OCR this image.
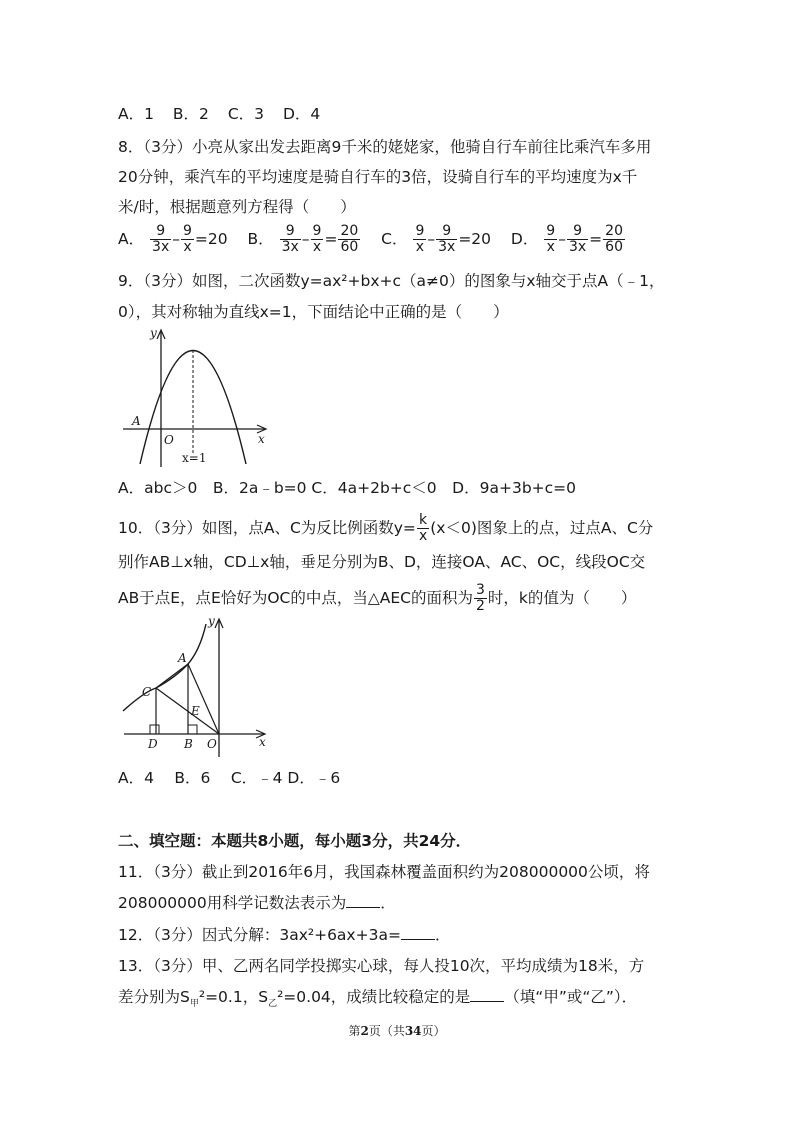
A．1 B．2 C．3 D．4
8．（3分）小亮从家出发去距离9千米的姥姥家，他骑自行车前往比乘汽车多用
20分钟，乘汽车的平均速度是骑自行车的3倍，设骑自行车的平均速度为x千
米/时，根据题意列方程得（　　）
A． $\frac{9}{3x} - \frac{9}{x} =20$ B． $\frac{9}{3x} - \frac{9}{x} = \frac{20}{60}$ C． $\frac{9}{x} - \frac{9}{3x} =20$ D． $\frac{9}{x} - \frac{9}{3x} = \frac{20}{60}$
9．（3分）如图，二次函数y=ax²+bx+c（a≠0）的图象与x轴交于点A（﹣1，
0），其对称轴为直线x=1，下面结论中正确的是（　　）
y
x
A
O
x=1
A．abc＞0　B．2a﹣b=0 C．4a+2b+c＜0　D．9a+3b+c=0
10．（3分）如图，点A、C为反比例函数$y= \frac{k}{x} (x<0)$图象上的点，过点A、C分
别作AB⊥x轴，CD⊥x轴，垂足分别为B、D，连接OA、AC、OC，线段OC交
AB于点E，点E恰好为OC的中点，当△AEC的面积为 $\frac{3}{2}$ 时，k的值为（　　）
y
x
A
C
E
D B O
A．4　 B．6　 C．﹣4 D．﹣6
二、填空题：本题共8小题，每小题3分，共24分．
11．（3分）截止到2016年6月，我国森林覆盖面积约为208000000公顷，将
208000000用科学记数法表示为 ．
12．（3分）因式分解：3ax²+6ax+3a= ．
13．（3分）甲、乙两名同学投掷实心球，每人投10次，平均成绩为18米，方
差分别为$S_甲^2=0.1$，$S_乙^2=0.04$，成绩比较稳定的是 （填“甲”或“乙”）．
第2页（共34页）
